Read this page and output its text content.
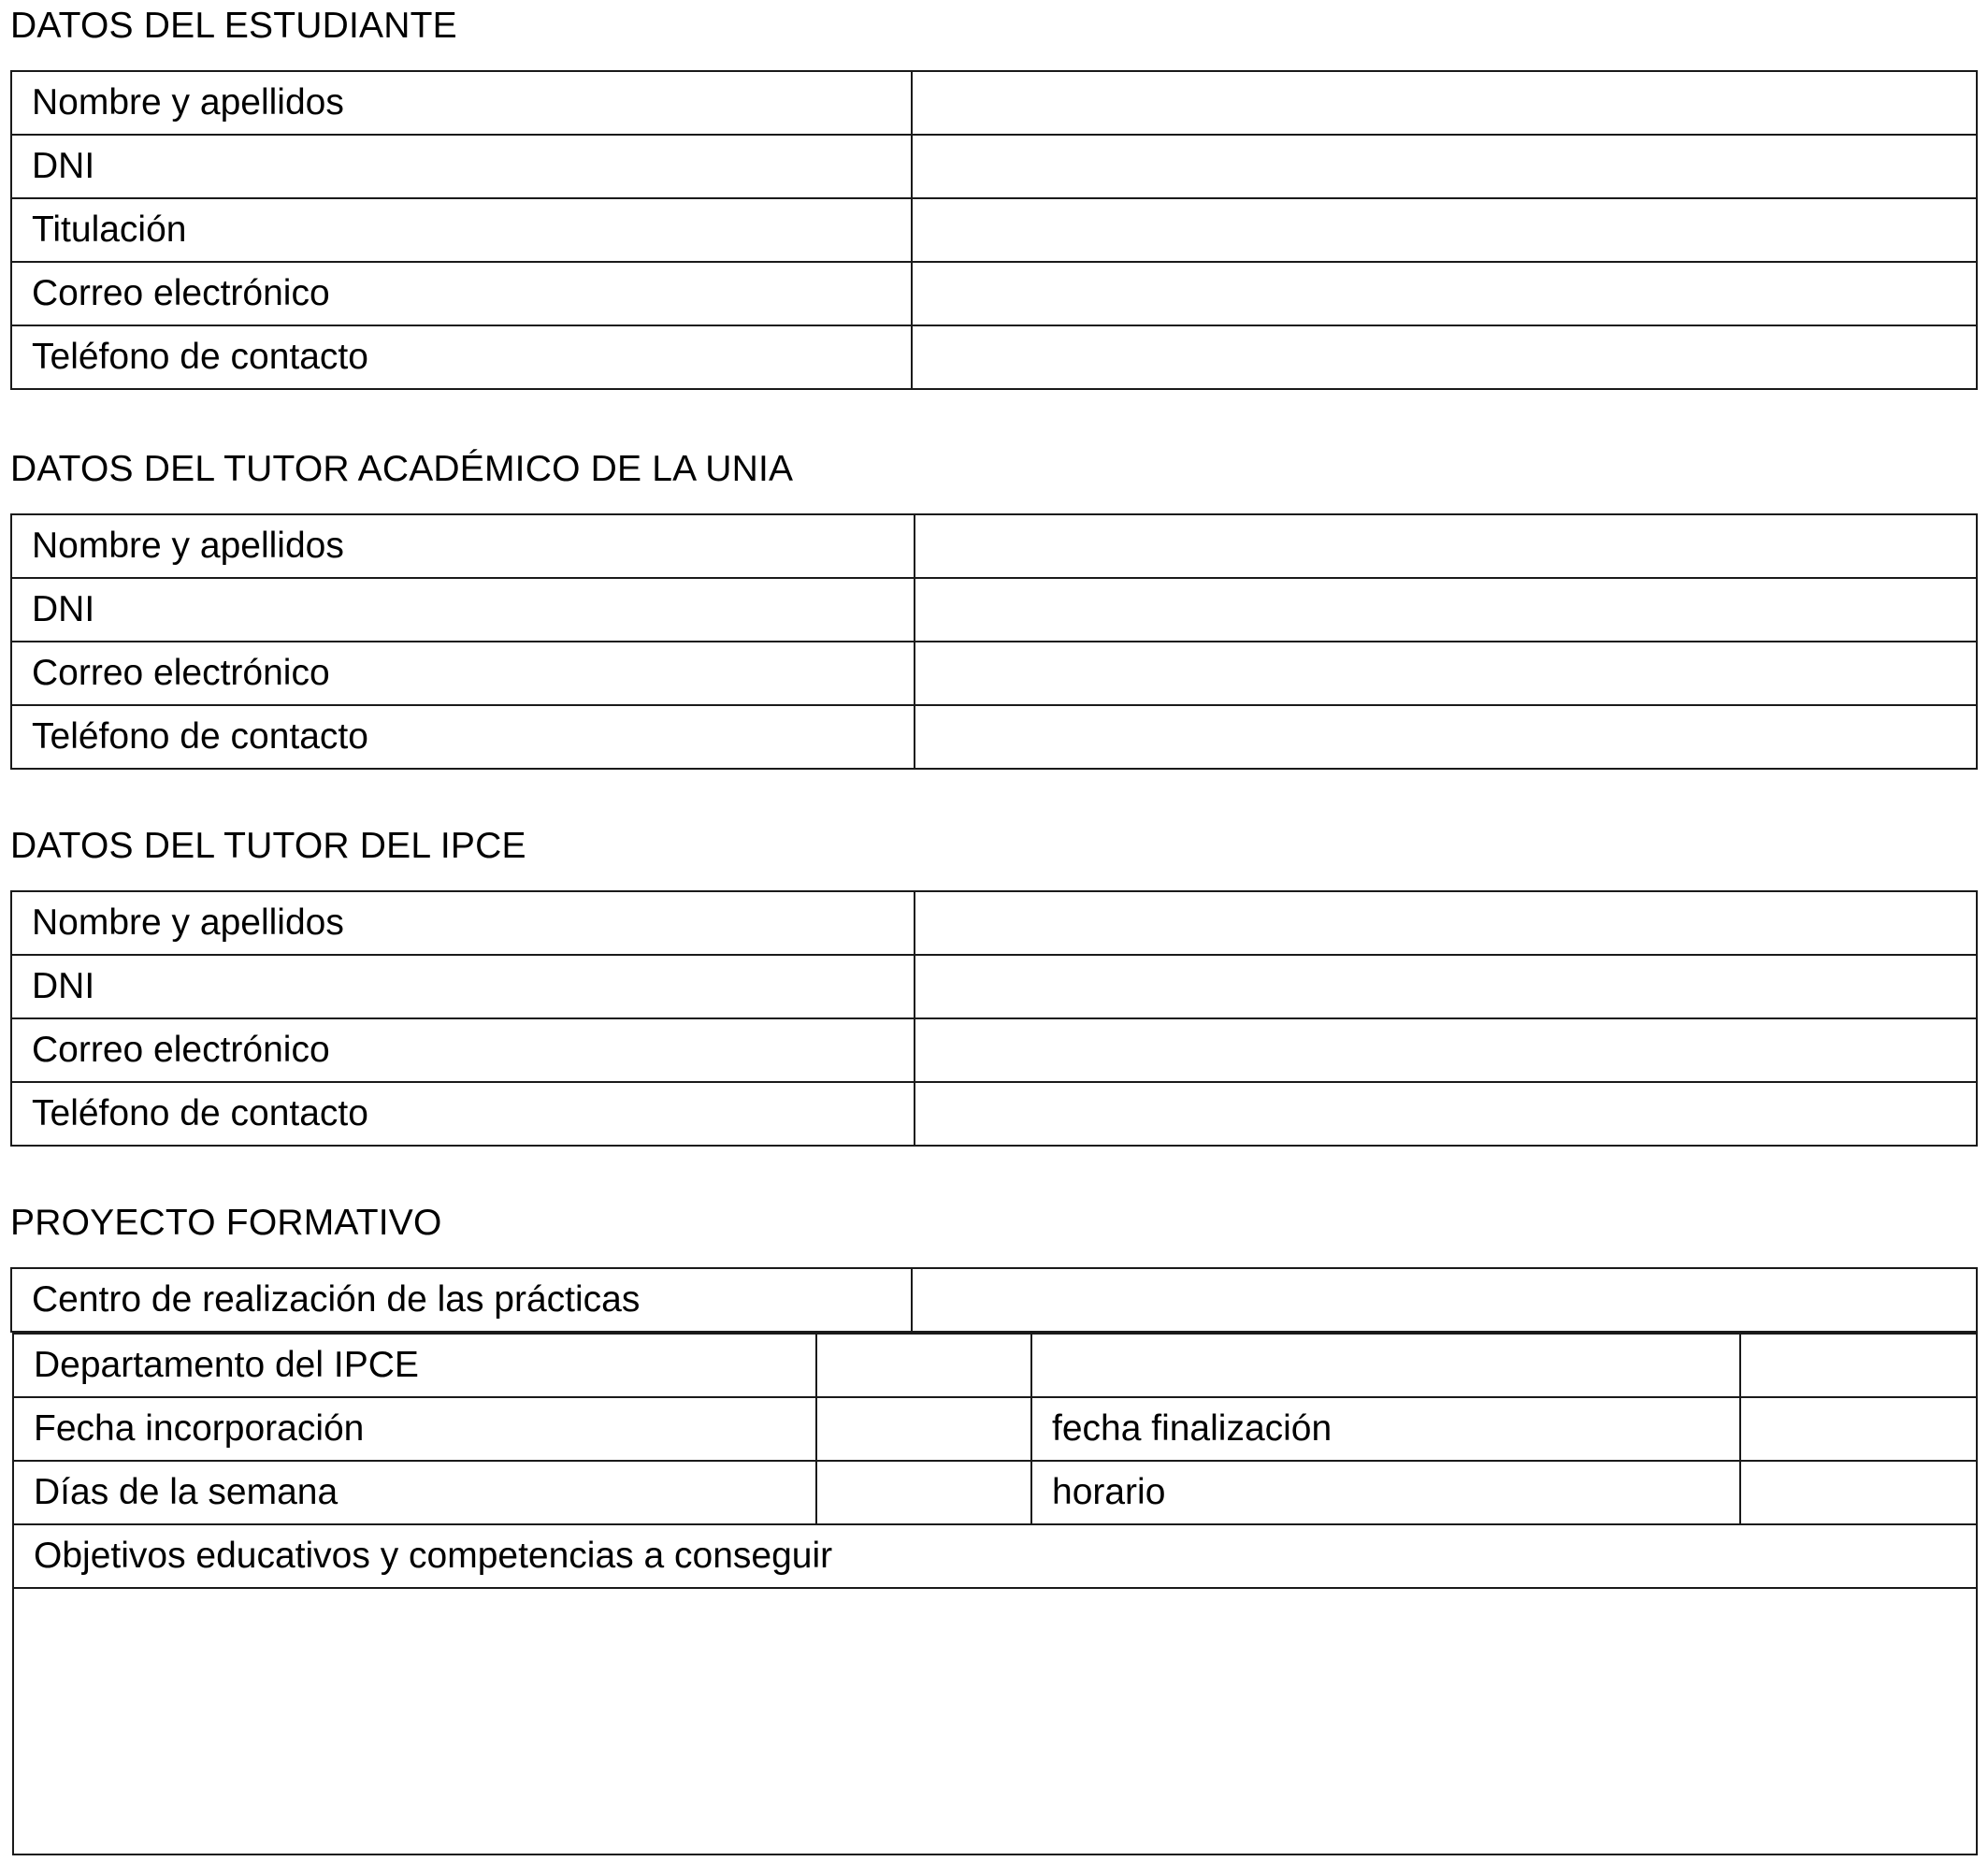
DATOS DEL ESTUDIANTE
Nombre y apellidos	
DNI	
Titulación	
Correo electrónico	
Teléfono de contacto	
DATOS DEL TUTOR ACADÉMICO DE LA UNIA
Nombre y apellidos	
DNI	
Correo electrónico	
Teléfono de contacto	
DATOS DEL TUTOR DEL IPCE
Nombre y apellidos	
DNI	
Correo electrónico	
Teléfono de contacto	
PROYECTO FORMATIVO
Centro de realización de las prácticas	
Departamento del IPCE			
Fecha incorporación		fecha finalización	
Días de la semana		horario	
Objetivos educativos y competencias a conseguir			
